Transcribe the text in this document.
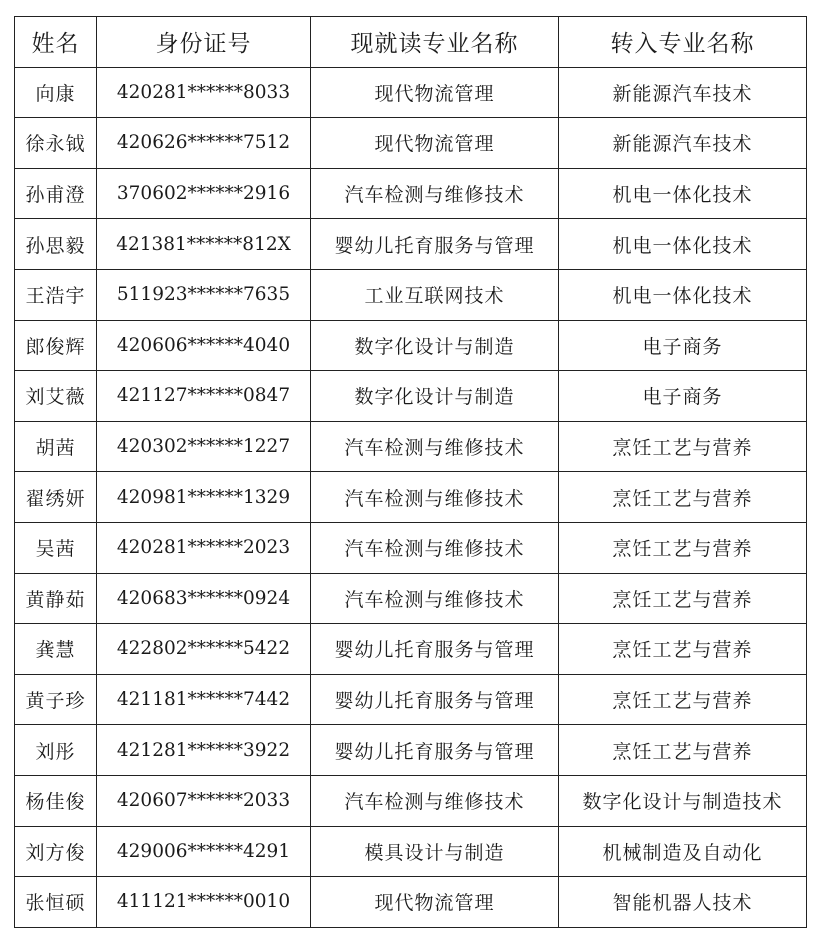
姓名	身份证号	现就读专业名称	转入专业名称
向康	420281******8033	现代物流管理	新能源汽车技术
徐永钺	420626******7512	现代物流管理	新能源汽车技术
孙甫澄	370602******2916	汽车检测与维修技术	机电一体化技术
孙思毅	421381******812X	婴幼儿托育服务与管理	机电一体化技术
王浩宇	511923******7635	工业互联网技术	机电一体化技术
郎俊辉	420606******4040	数字化设计与制造	电子商务
刘艾薇	421127******0847	数字化设计与制造	电子商务
胡茜	420302******1227	汽车检测与维修技术	烹饪工艺与营养
翟绣妍	420981******1329	汽车检测与维修技术	烹饪工艺与营养
吴茜	420281******2023	汽车检测与维修技术	烹饪工艺与营养
黄静茹	420683******0924	汽车检测与维修技术	烹饪工艺与营养
龚慧	422802******5422	婴幼儿托育服务与管理	烹饪工艺与营养
黄子珍	421181******7442	婴幼儿托育服务与管理	烹饪工艺与营养
刘彤	421281******3922	婴幼儿托育服务与管理	烹饪工艺与营养
杨佳俊	420607******2033	汽车检测与维修技术	数字化设计与制造技术
刘方俊	429006******4291	模具设计与制造	机械制造及自动化
张恒硕	411121******0010	现代物流管理	智能机器人技术
